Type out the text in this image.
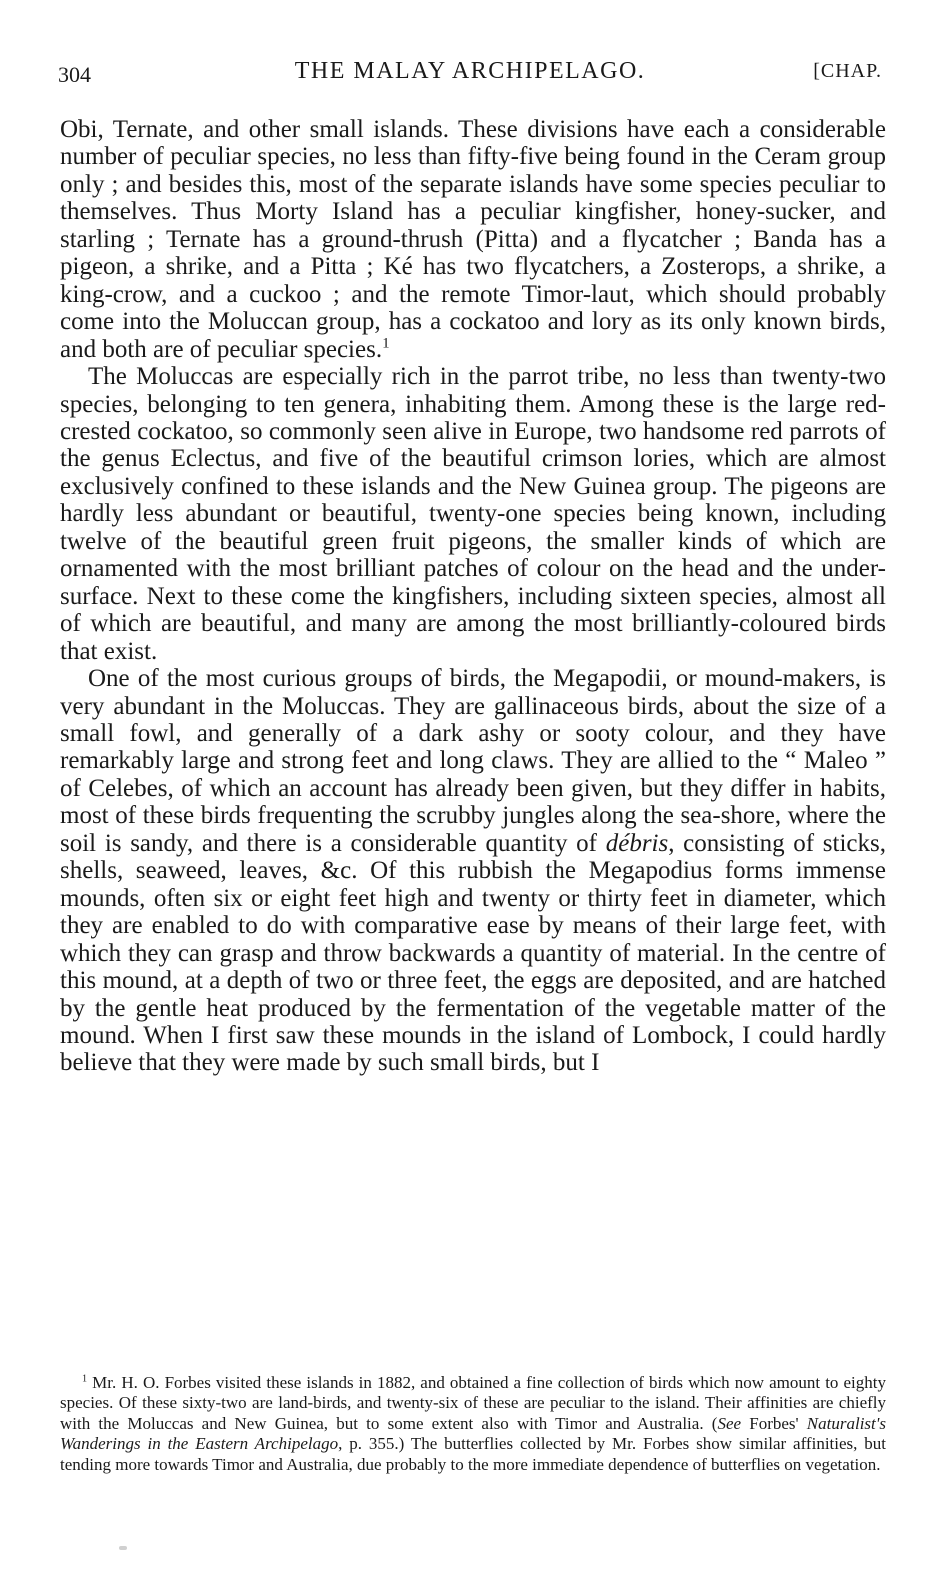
304	THE MALAY ARCHIPELAGO.	[CHAP.

Obi, Ternate, and other small islands. These divisions have each a considerable number of peculiar species, no less than fifty-five being found in the Ceram group only ; and besides this, most of the separate islands have some species peculiar to themselves. Thus Morty Island has a peculiar kingfisher, honey-sucker, and starling ; Ternate has a ground-thrush (Pitta) and a flycatcher ; Banda has a pigeon, a shrike, and a Pitta ; Ké has two flycatchers, a Zosterops, a shrike, a king-crow, and a cuckoo ; and the remote Timor-laut, which should probably come into the Moluccan group, has a cockatoo and lory as its only known birds, and both are of peculiar species.$^1$

The Moluccas are especially rich in the parrot tribe, no less than twenty-two species, belonging to ten genera, inhabiting them. Among these is the large red-crested cockatoo, so commonly seen alive in Europe, two handsome red parrots of the genus Eclectus, and five of the beautiful crimson lories, which are almost exclusively confined to these islands and the New Guinea group. The pigeons are hardly less abundant or beautiful, twenty-one species being known, including twelve of the beautiful green fruit pigeons, the smaller kinds of which are ornamented with the most brilliant patches of colour on the head and the under-surface. Next to these come the kingfishers, including sixteen species, almost all of which are beautiful, and many are among the most brilliantly-coloured birds that exist.

One of the most curious groups of birds, the Megapodii, or mound-makers, is very abundant in the Moluccas. They are gallinaceous birds, about the size of a small fowl, and generally of a dark ashy or sooty colour, and they have remarkably large and strong feet and long claws. They are allied to the “ Maleo ” of Celebes, of which an account has already been given, but they differ in habits, most of these birds frequenting the scrubby jungles along the sea-shore, where the soil is sandy, and there is a considerable quantity of débris, consisting of sticks, shells, seaweed, leaves, &c. Of this rubbish the Megapodius forms immense mounds, often six or eight feet high and twenty or thirty feet in diameter, which they are enabled to do with comparative ease by means of their large feet, with which they can grasp and throw backwards a quantity of material. In the centre of this mound, at a depth of two or three feet, the eggs are deposited, and are hatched by the gentle heat produced by the fermentation of the vegetable matter of the mound. When I first saw these mounds in the island of Lombock, I could hardly believe that they were made by such small birds, but I

$^1$ Mr. H. O. Forbes visited these islands in 1882, and obtained a fine collection of birds which now amount to eighty species. Of these sixty-two are land-birds, and twenty-six of these are peculiar to the island. Their affinities are chiefly with the Moluccas and New Guinea, but to some extent also with Timor and Australia. (See Forbes' Naturalist's Wanderings in the Eastern Archipelago, p. 355.) The butterflies collected by Mr. Forbes show similar affinities, but tending more towards Timor and Australia, due probably to the more immediate dependence of butterflies on vegetation.
